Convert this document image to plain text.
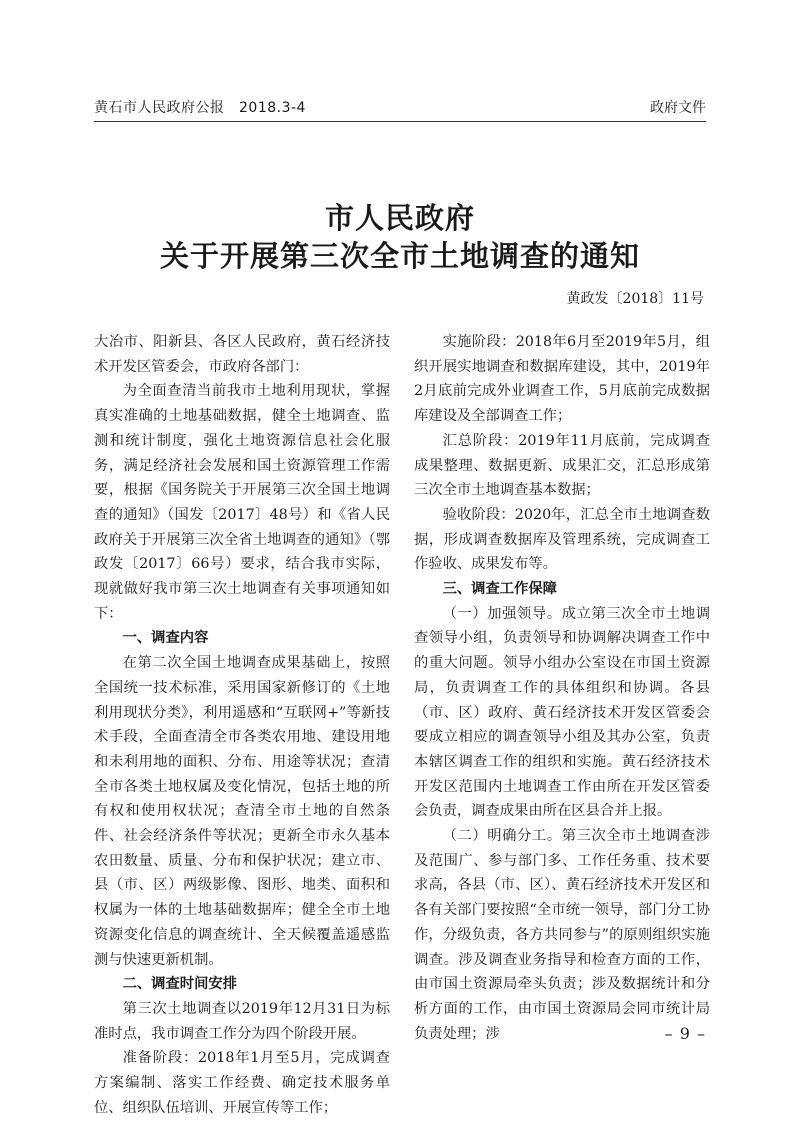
黄石市人民政府公报　2018.3-4	政府文件
市人民政府
关于开展第三次全市土地调查的通知
黄政发〔2018〕11号

大冶市、阳新县、各区人民政府，黄石经济技术开发区管委会，市政府各部门：

为全面查清当前我市土地利用现状，掌握真实准确的土地基础数据，健全土地调查、监测和统计制度，强化土地资源信息社会化服务，满足经济社会发展和国土资源管理工作需要，根据《国务院关于开展第三次全国土地调查的通知》（国发〔2017〕48号）和《省人民政府关于开展第三次全省土地调查的通知》（鄂政发〔2017〕66号）要求，结合我市实际，现就做好我市第三次土地调查有关事项通知如下：

一、调查内容

在第二次全国土地调查成果基础上，按照全国统一技术标准，采用国家新修订的《土地利用现状分类》，利用遥感和“互联网+”等新技术手段，全面查清全市各类农用地、建设用地和未利用地的面积、分布、用途等状况；查清全市各类土地权属及变化情况，包括土地的所有权和使用权状况；查清全市土地的自然条件、社会经济条件等状况；更新全市永久基本农田数量、质量、分布和保护状况；建立市、县（市、区）两级影像、图形、地类、面积和权属为一体的土地基础数据库；健全全市土地资源变化信息的调查统计、全天候覆盖遥感监测与快速更新机制。

二、调查时间安排

第三次土地调查以2019年12月31日为标准时点，我市调查工作分为四个阶段开展。

准备阶段：2018年1月至5月，完成调查方案编制、落实工作经费、确定技术服务单位、组织队伍培训、开展宣传等工作；

实施阶段：2018年6月至2019年5月，组织开展实地调查和数据库建设，其中，2019年2月底前完成外业调查工作，5月底前完成数据库建设及全部调查工作；

汇总阶段：2019年11月底前，完成调查成果整理、数据更新、成果汇交，汇总形成第三次全市土地调查基本数据；

验收阶段：2020年，汇总全市土地调查数据，形成调查数据库及管理系统，完成调查工作验收、成果发布等。

三、调查工作保障

（一）加强领导。成立第三次全市土地调查领导小组，负责领导和协调解决调查工作中的重大问题。领导小组办公室设在市国土资源局，负责调查工作的具体组织和协调。各县（市、区）政府、黄石经济技术开发区管委会要成立相应的调查领导小组及其办公室，负责本辖区调查工作的组织和实施。黄石经济技术开发区范围内土地调查工作由所在开发区管委会负责，调查成果由所在区县合并上报。

（二）明确分工。第三次全市土地调查涉及范围广、参与部门多、工作任务重、技术要求高，各县（市、区）、黄石经济技术开发区和各有关部门要按照“全市统一领导，部门分工协作，分级负责，各方共同参与”的原则组织实施调查。涉及调查业务指导和检查方面的工作，由市国土资源局牵头负责；涉及数据统计和分析方面的工作，由市国土资源局会同市统计局负责处理；涉	– 9 –
